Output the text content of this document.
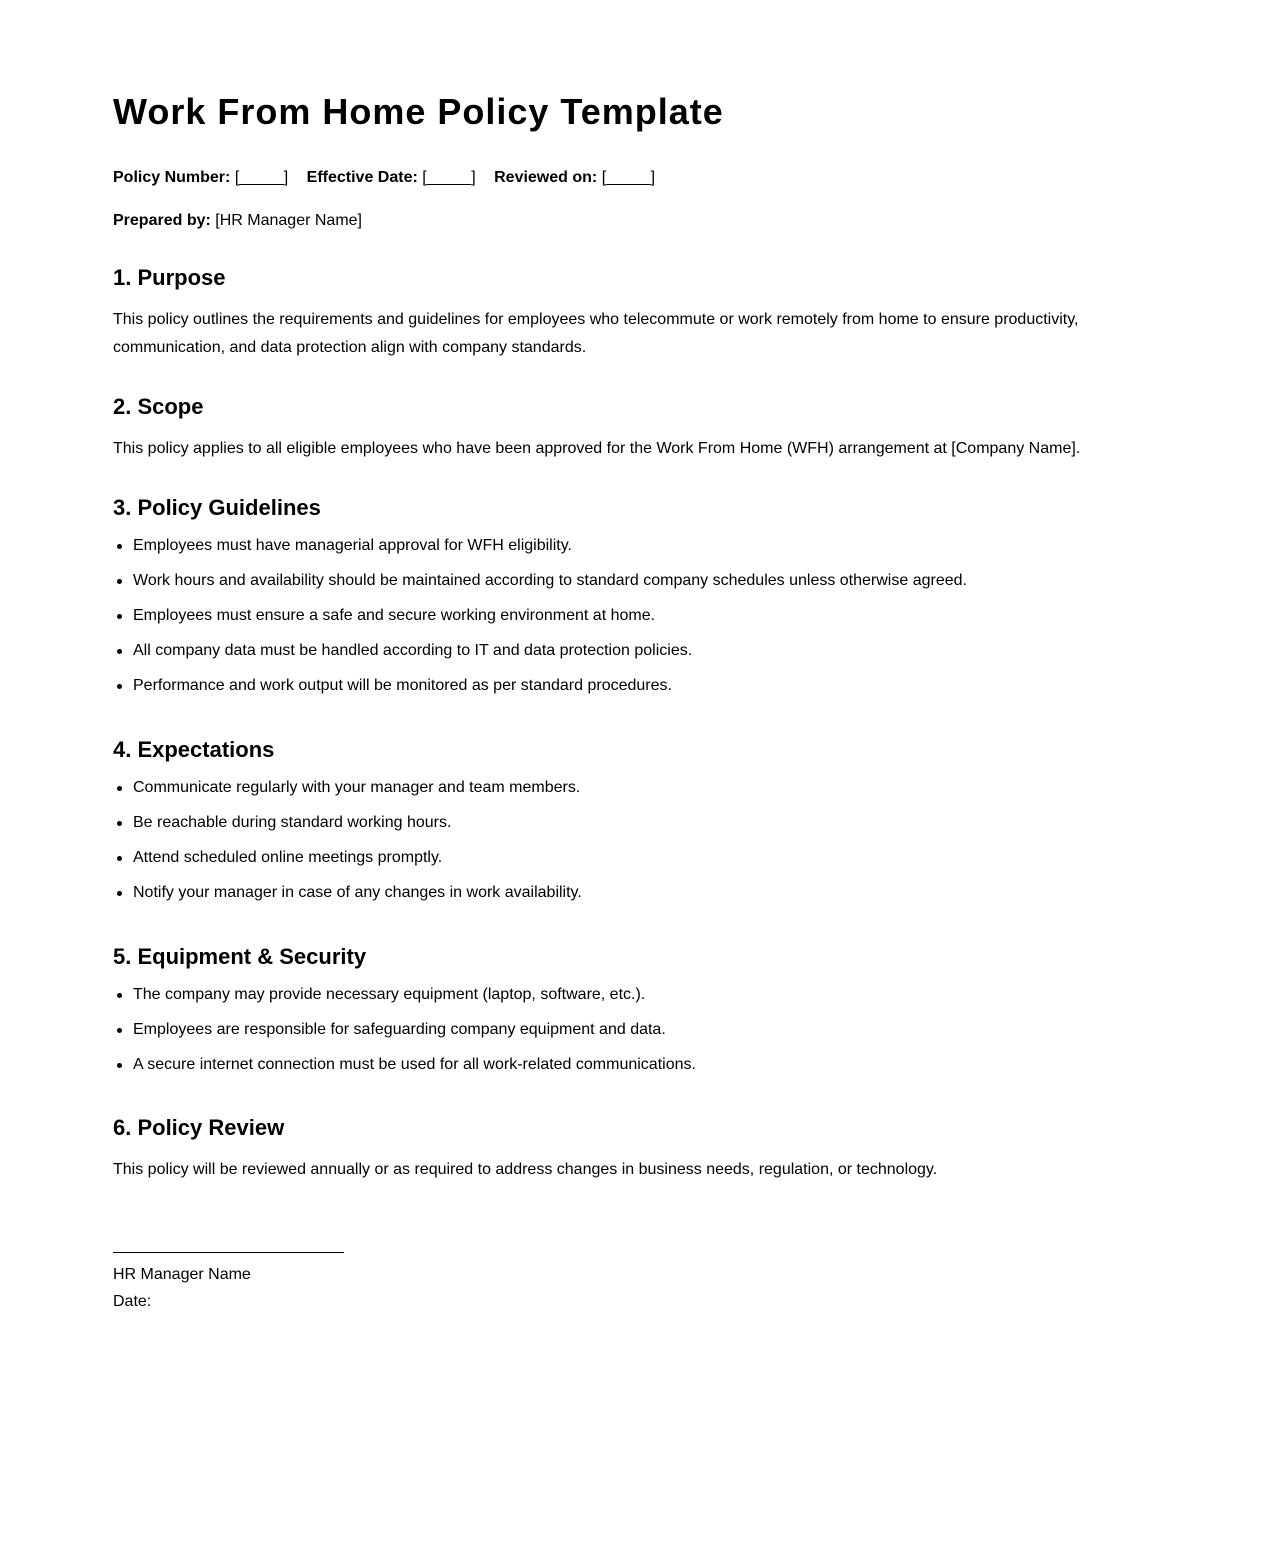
Work From Home Policy Template
Policy Number: [_____] Effective Date: [_____] Reviewed on: [_____]
Prepared by: [HR Manager Name]
1. Purpose

This policy outlines the requirements and guidelines for employees who telecommute or work remotely from home to ensure productivity, communication, and data protection align with company standards.

2. Scope

This policy applies to all eligible employees who have been approved for the Work From Home (WFH) arrangement at [Company Name].

3. Policy Guidelines
Employees must have managerial approval for WFH eligibility.
Work hours and availability should be maintained according to standard company schedules unless otherwise agreed.
Employees must ensure a safe and secure working environment at home.
All company data must be handled according to IT and data protection policies.
Performance and work output will be monitored as per standard procedures.
4. Expectations
Communicate regularly with your manager and team members.
Be reachable during standard working hours.
Attend scheduled online meetings promptly.
Notify your manager in case of any changes in work availability.
5. Equipment & Security
The company may provide necessary equipment (laptop, software, etc.).
Employees are responsible for safeguarding company equipment and data.
A secure internet connection must be used for all work-related communications.
6. Policy Review

This policy will be reviewed annually or as required to address changes in business needs, regulation, or technology.

HR Manager Name
Date:
